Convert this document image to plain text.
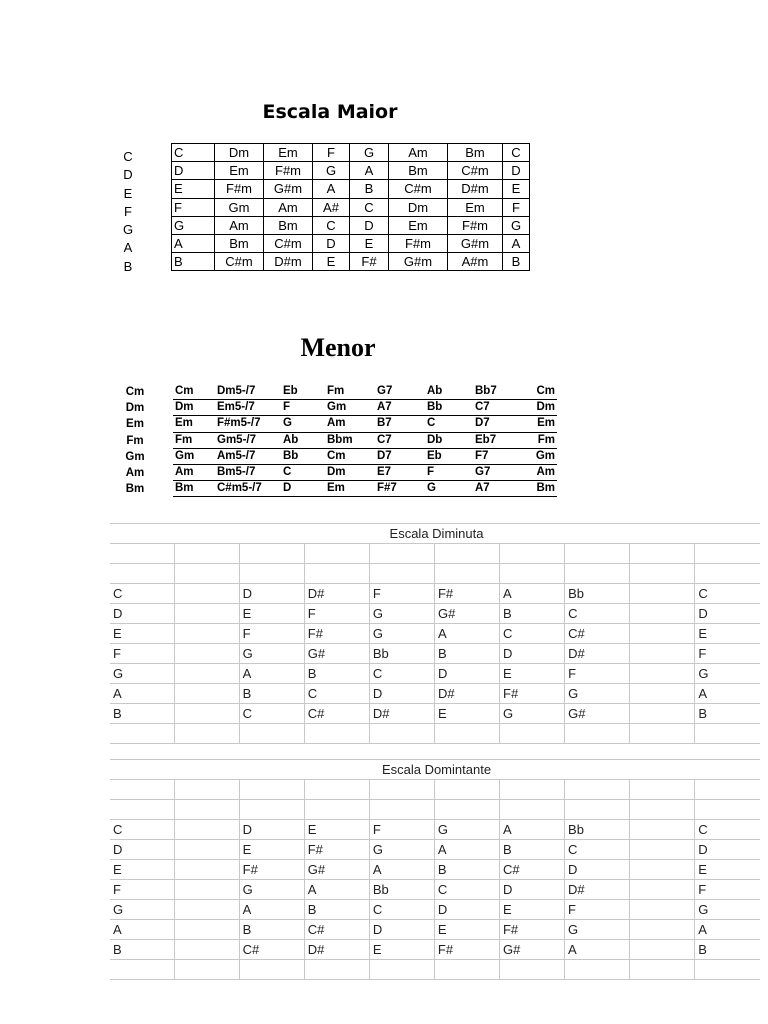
Escala Maior
C
D
E
F
G
A
B
C	Dm	Em	F	G	Am	Bm	C
D	Em	F#m	G	A	Bm	C#m	D
E	F#m	G#m	A	B	C#m	D#m	E
F	Gm	Am	A#	C	Dm	Em	F
G	Am	Bm	C	D	Em	F#m	G
A	Bm	C#m	D	E	F#m	G#m	A
B	C#m	D#m	E	F#	G#m	A#m	B
Menor
Cm
Dm
Em
Fm
Gm
Am
Bm
Cm	Dm5-/7	Eb	Fm	G7	Ab	Bb7	Cm
Dm	Em5-/7	F	Gm	A7	Bb	C7	Dm
Em	F#m5-/7	G	Am	B7	C	D7	Em
Fm	Gm5-/7	Ab	Bbm	C7	Db	Eb7	Fm
Gm	Am5-/7	Bb	Cm	D7	Eb	F7	Gm
Am	Bm5-/7	C	Dm	E7	F	G7	Am
Bm	C#m5-/7	D	Em	F#7	G	A7	Bm
Escala Diminuta									

C		D	D#	F	F#	A	Bb		C
D		E	F	G	G#	B	C		D
E		F	F#	G	A	C	C#		E
F		G	G#	Bb	B	D	D#		F
G		A	B	C	D	E	F		G
A		B	C	D	D#	F#	G		A
B		C	C#	D#	E	G	G#		B

Escala Domintante									

C		D	E	F	G	A	Bb		C
D		E	F#	G	A	B	C		D
E		F#	G#	A	B	C#	D		E
F		G	A	Bb	C	D	D#		F
G		A	B	C	D	E	F		G
A		B	C#	D	E	F#	G		A
B		C#	D#	E	F#	G#	A		B
